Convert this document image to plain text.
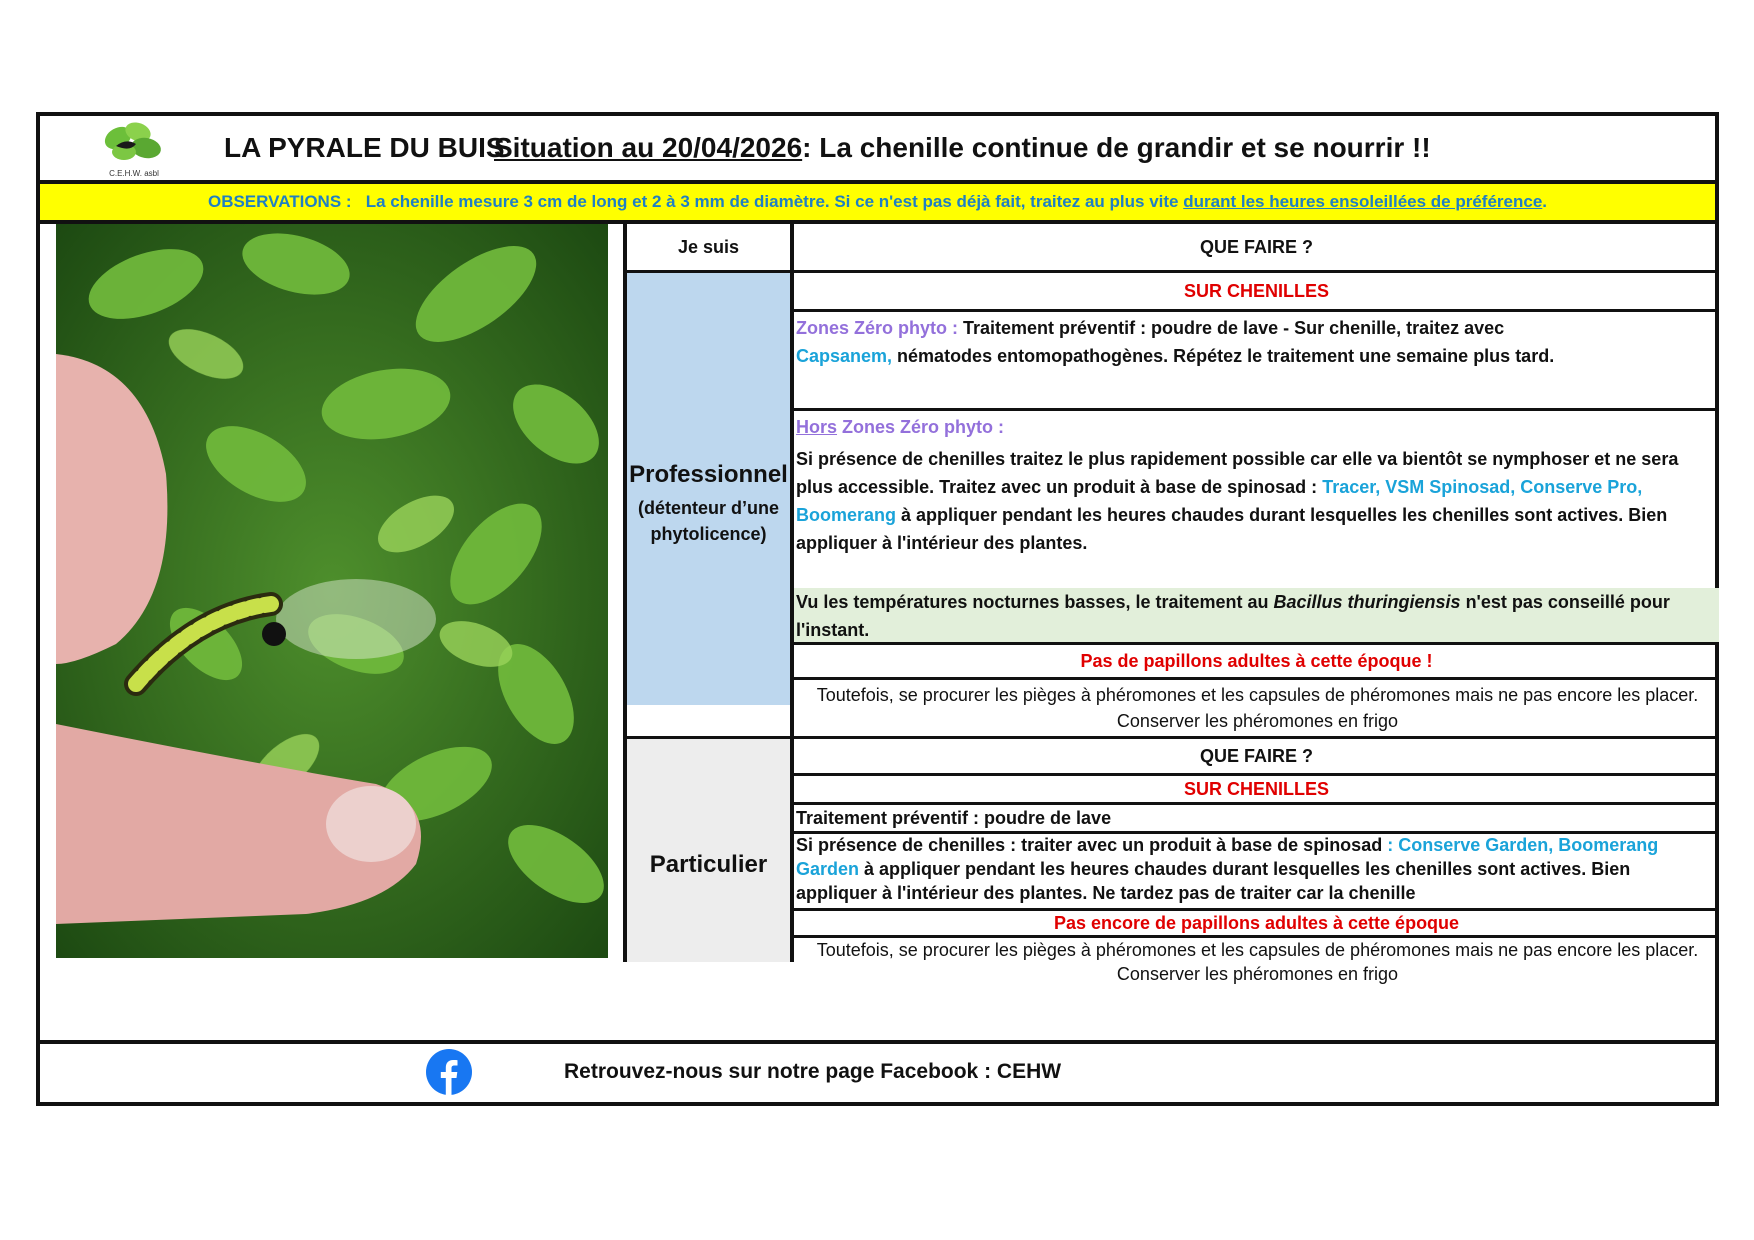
C.E.H.W. asbl
LA PYRALE DU BUIS
Situation au 20/04/2026: La chenille continue de grandir et se nourrir !!
OBSERVATIONS : La chenille mesure 3 cm de long et 2 à 3 mm de diamètre. Si ce n'est pas déjà fait, traitez au plus vite durant les heures ensoleillées de préférence.
Je suis	QUE FAIRE ?
Professionnel
(détenteur d’une phytolicence)
SUR CHENILLES
Zones Zéro phyto : Traitement préventif : poudre de lave - Sur chenille, traitez avec
Capsanem, nématodes entomopathogènes. Répétez le traitement une semaine plus tard.
Hors Zones Zéro phyto :
Si présence de chenilles traitez le plus rapidement possible car elle va bientôt se nymphoser et ne sera plus accessible. Traitez avec un produit à base de spinosad : Tracer, VSM Spinosad, Conserve Pro, Boomerang à appliquer pendant les heures chaudes durant lesquelles les chenilles sont actives. Bien appliquer à l'intérieur des plantes.
Vu les températures nocturnes basses, le traitement au Bacillus thuringiensis n'est pas conseillé pour l'instant.
Pas de papillons adultes à cette époque !
Toutefois, se procurer les pièges à phéromones et les capsules de phéromones mais ne pas encore les placer. Conserver les phéromones en frigo
Particulier
QUE FAIRE ?
SUR CHENILLES
Traitement préventif : poudre de lave
Si présence de chenilles : traiter avec un produit à base de spinosad : Conserve Garden, Boomerang Garden à appliquer pendant les heures chaudes durant lesquelles les chenilles sont actives. Bien appliquer à l'intérieur des plantes. Ne tardez pas de traiter car la chenille
Pas encore de papillons adultes à cette époque
Toutefois, se procurer les pièges à phéromones et les capsules de phéromones mais ne pas encore les placer. Conserver les phéromones en frigo
Retrouvez-nous sur notre page Facebook : CEHW
